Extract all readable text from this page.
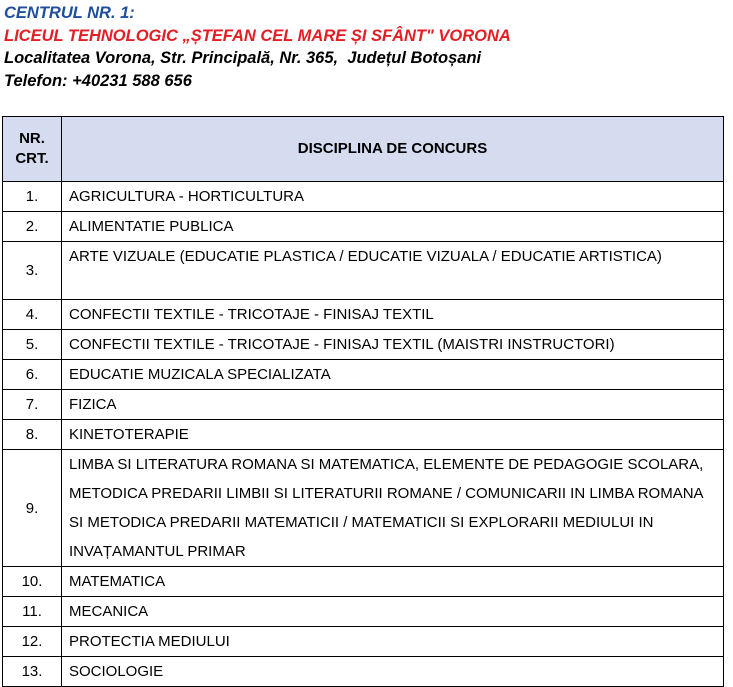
CENTRUL NR. 1:
LICEUL TEHNOLOGIC „ȘTEFAN CEL MARE ȘI SFÂNT" VORONA
Localitatea Vorona, Str. Principală, Nr. 365,  Județul Botoșani
Telefon: +40231 588 656
NR.
CRT.	DISCIPLINA DE CONCURS
1.	AGRICULTURA - HORTICULTURA
2.	ALIMENTATIE PUBLICA
3.	ARTE VIZUALE (EDUCATIE PLASTICA / EDUCATIE VIZUALA / EDUCATIE ARTISTICA)
4.	CONFECTII TEXTILE - TRICOTAJE - FINISAJ TEXTIL
5.	CONFECTII TEXTILE - TRICOTAJE - FINISAJ TEXTIL (MAISTRI INSTRUCTORI)
6.	EDUCATIE MUZICALA SPECIALIZATA
7.	FIZICA
8.	KINETOTERAPIE
9.	LIMBA SI LITERATURA ROMANA SI MATEMATICA, ELEMENTE DE PEDAGOGIE SCOLARA, METODICA PREDARII LIMBII SI LITERATURII ROMANE / COMUNICARII IN LIMBA ROMANA SI METODICA PREDARII MATEMATICII / MATEMATICII SI EXPLORARII MEDIULUI IN INVAȚAMANTUL PRIMAR
10.	MATEMATICA
11.	MECANICA
12.	PROTECTIA MEDIULUI
13.	SOCIOLOGIE
